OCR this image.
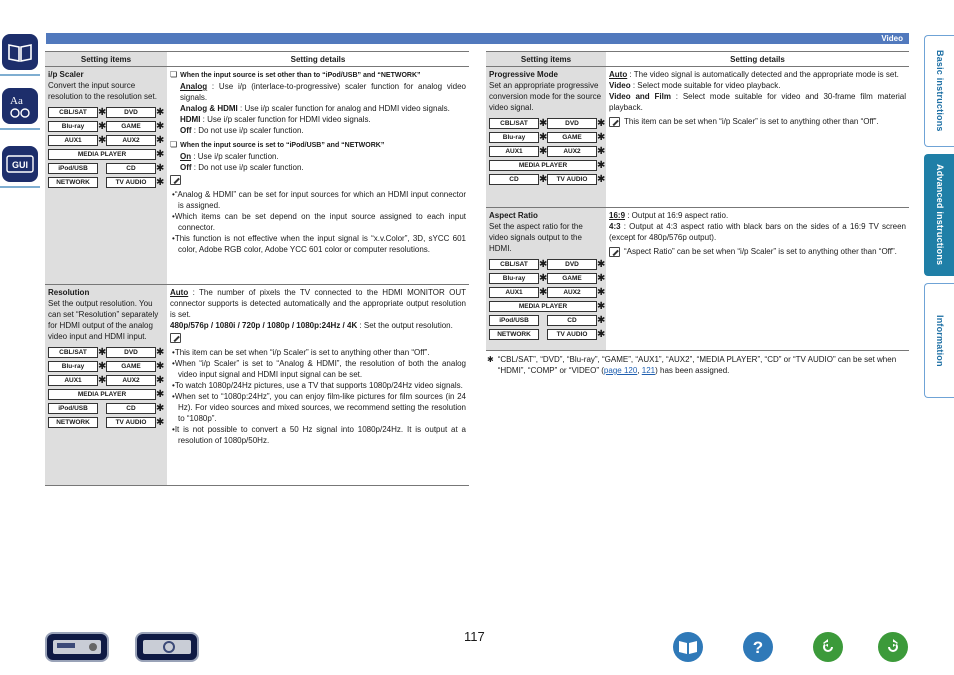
Aa
GUI
Video
Basic instructions
Advanced instructions
Information
Setting items	Setting details
i/p Scaler
Convert the input source resolution to the resolution set.
CBL/SAT	✱	DVD	✱
Blu-ray	✱	GAME	✱
AUX1	✱	AUX2	✱
MEDIA PLAYER	✱
iPod/USB	CD	✱
NETWORK	TV AUDIO ✱
❏ When the input source is set other than to “iPod/USB” and “NETWORK”
Analog : Use i/p (interlace-to-progressive) scaler function for analog video signals.
Analog & HDMI : Use i/p scaler function for analog and HDMI video signals.
HDMI : Use i/p scaler function for HDMI video signals.
Off : Do not use i/p scaler function.
❏ When the input source is set to “iPod/USB” and “NETWORK”
On : Use i/p scaler function.
Off : Do not use i/p scaler function.
• “Analog & HDMI” can be set for input sources for which an HDMI input connector is assigned.
• Which items can be set depend on the input source assigned to each input connector.
• This function is not effective when the input signal is “x.v.Color”, 3D, sYCC 601 color, Adobe RGB color, Adobe YCC 601 color or computer resolutions.
Resolution
Set the output resolution. You can set “Resolution” separately for HDMI output of the analog video input and HDMI input.
CBL/SAT	✱	DVD	✱
Blu-ray	✱	GAME	✱
AUX1	✱	AUX2	✱
MEDIA PLAYER	✱
iPod/USB	CD	✱
NETWORK	TV AUDIO ✱
Auto : The number of pixels the TV connected to the HDMI MONITOR OUT connector supports is detected automatically and the appropriate output resolution is set.
480p/576p / 1080i / 720p / 1080p / 1080p:24Hz / 4K : Set the output resolution.
• This item can be set when “i/p Scaler” is set to anything other than “Off”.
• When “i/p Scaler” is set to “Analog & HDMI”, the resolution of both the analog video input signal and HDMI input signal can be set.
• To watch 1080p/24Hz pictures, use a TV that supports 1080p/24Hz video signals.
• When set to “1080p:24Hz”, you can enjoy film-like pictures for film sources (in 24 Hz). For video sources and mixed sources, we recommend setting the resolution to “1080p”.
• It is not possible to convert a 50 Hz signal into 1080p/24Hz. It is output at a resolution of 1080p/50Hz.
Setting items	Setting details
Progressive Mode
Set an appropriate progressive conversion mode for the source video signal.
CBL/SAT	✱	DVD	✱
Blu-ray	✱	GAME	✱
AUX1	✱	AUX2	✱
MEDIA PLAYER	✱
CD	✱	TV AUDIO ✱
Auto : The video signal is automatically detected and the appropriate mode is set.
Video : Select mode suitable for video playback.
Video and Film : Select mode suitable for video and 30-frame film material playback.
This item can be set when “i/p Scaler” is set to anything other than “Off”.
Aspect Ratio
Set the aspect ratio for the video signals output to the HDMI.
CBL/SAT	✱	DVD	✱
Blu-ray	✱	GAME	✱
AUX1	✱	AUX2	✱
MEDIA PLAYER	✱
iPod/USB	CD	✱
NETWORK	TV AUDIO ✱
16:9 : Output at 16:9 aspect ratio.
4:3 : Output at 4:3 aspect ratio with black bars on the sides of a 16:9 TV screen (except for 480p/576p output).
“Aspect Ratio” can be set when “i/p Scaler” is set to anything other than “Off”.
✱ “CBL/SAT”, “DVD”, “Blu-ray”, “GAME”, “AUX1”, “AUX2”, “MEDIA PLAYER”, “CD” or “TV AUDIO” can be set when “HDMI”, “COMP” or “VIDEO” (page 120, 121) has been assigned.
117
?
